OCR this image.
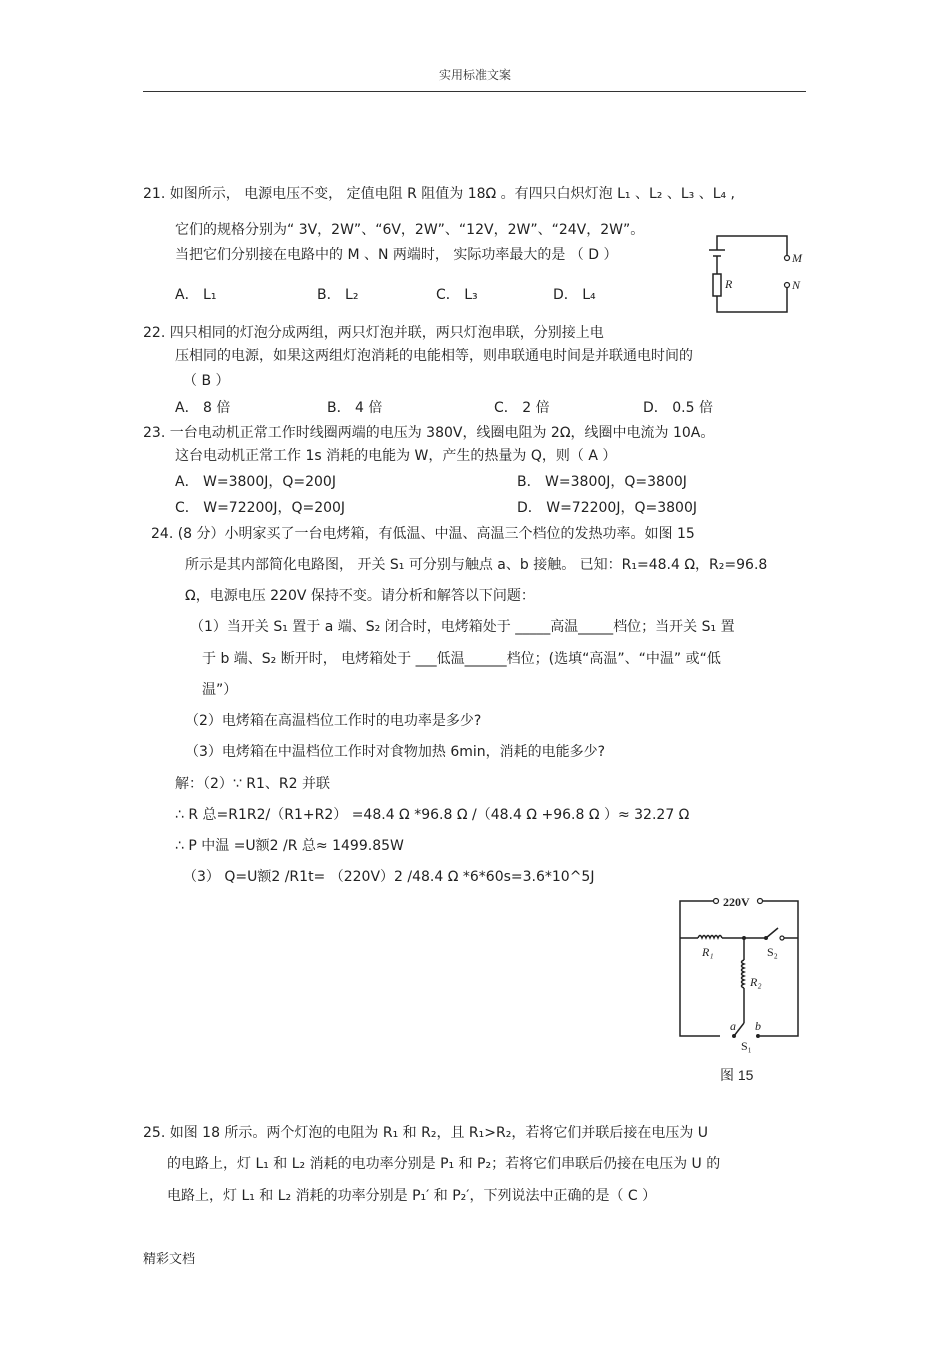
实用标准文案
21. 如图所示， 电源电压不变， 定值电阻 R 阻值为 18Ω 。有四只白炽灯泡 L₁ 、L₂ 、L₃ 、L₄ ,
它们的规格分别为“ 3V，2W”、“6V，2W”、“12V，2W”、“24V，2W”。
当把它们分别接在电路中的 M 、N 两端时， 实际功率最大的是 （ D ）
A． L₁	B． L₂	C． L₃	D． L₄
R
M
N
22. 四只相同的灯泡分成两组，两只灯泡并联，两只灯泡串联，分别接上电
压相同的电源，如果这两组灯泡消耗的电能相等，则串联通电时间是并联通电时间的
（ B ）
A． 8 倍	B． 4 倍	C． 2 倍	D． 0.5 倍
23. 一台电动机正常工作时线圈两端的电压为 380V，线圈电阻为 2Ω，线圈中电流为 10A。
这台电动机正常工作 1s 消耗的电能为 W，产生的热量为 Q，则（ A ）
A． W=3800J，Q=200J	B． W=3800J，Q=3800J
C． W=72200J，Q=200J	D． W=72200J，Q=3800J
24. (8 分）小明家买了一台电烤箱，有低温、中温、高温三个档位的发热功率。如图 15
所示是其内部简化电路图， 开关 S₁ 可分别与触点 a、b 接触。 已知：R₁=48.4 Ω，R₂=96.8
Ω，电源电压 220V 保持不变。请分析和解答以下问题：
（1）当开关 S₁ 置于 a 端、S₂ 闭合时，电烤箱处于 _____高温_____档位；当开关 S₁ 置
于 b 端、S₂ 断开时， 电烤箱处于 ___低温______档位；(选填“高温”、“中温” 或“低
温”）
（2）电烤箱在高温档位工作时的电功率是多少?
（3）电烤箱在中温档位工作时对食物加热 6min，消耗的电能多少?
解：（2）∵ R1、R2 并联
∴ R 总=R1R2/（R1+R2） =48.4 Ω *96.8 Ω /（48.4 Ω +96.8 Ω ）≈ 32.27 Ω
∴ P 中温 =U额2 /R 总≈ 1499.85W
（3） Q=U额2 /R1t= （220V）2 /48.4 Ω *6*60s=3.6*10^5J
220V
R₁
R₂
S₂
S₁
a b
图 15
25. 如图 18 所示。两个灯泡的电阻为 R₁ 和 R₂，且 R₁>R₂，若将它们并联后接在电压为 U
的电路上，灯 L₁ 和 L₂ 消耗的电功率分别是 P₁ 和 P₂；若将它们串联后仍接在电压为 U 的
电路上，灯 L₁ 和 L₂ 消耗的功率分别是 P₁′ 和 P₂′，下列说法中正确的是（ C ）
精彩文档
